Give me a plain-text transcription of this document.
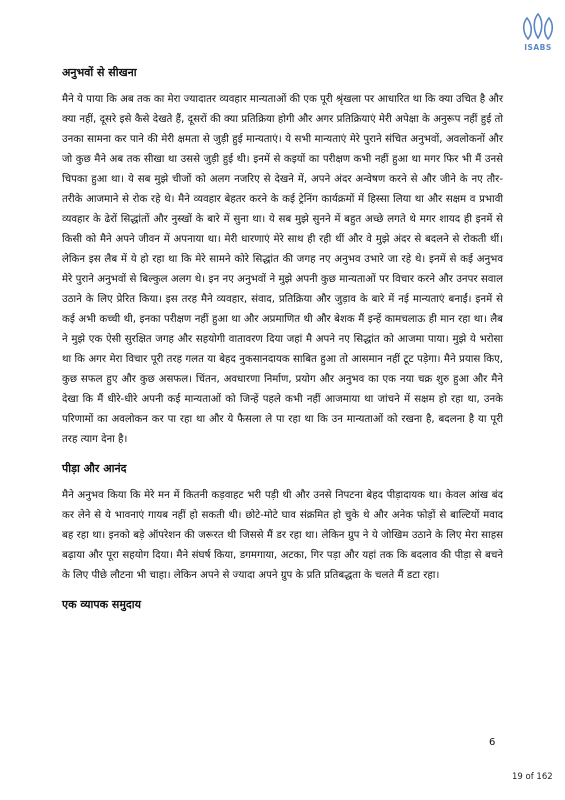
ISABS
अनुभवों से सीखना

मैने ये पाया कि अब तक का मेरा ज्यादातर व्यवहार मान्यताओं की एक पूरी श्रृंखला पर आधारित था कि क्या उचित है और क्या नहीं, दूसरे इसे कैसे देखते हैं, दूसरों की क्या प्रतिक्रिया होगी और अगर प्रतिक्रियाएं मेरी अपेक्षा के अनुरूप नहीं हुई तो उनका सामना कर पाने की मेरी क्षमता से जुड़ी हुई मान्यताएं। ये सभी मान्यताएं मेरे पुराने संचित अनुभवों, अवलोकनों और जो कुछ मैने अब तक सीखा था उससे जुड़ी हुई थी। इनमें से कइयों का परीक्षण कभी नहीं हुआ था मगर फिर भी मैं उनसे चिपका हुआ था। ये सब मुझे चीजों को अलग नजरिए से देखने में, अपने अंदर अन्वेषण करने से और जीने के नए तौर-तरीके आजमाने से रोक रहे थे। मैने व्यवहार बेहतर करने के कई ट्रेनिंग कार्यक्रमों में हिस्सा लिया था और सक्षम व प्रभावी व्यवहार के ढेरों सिद्धांतों और नुस्खों के बारे में सुना था। ये सब मुझे सुनने में बहुत अच्छे लगते थे मगर शायद ही इनमें से किसी को मैने अपने जीवन में अपनाया था। मेरी धारणाएं मेरे साथ ही रही थीं और वे मुझे अंदर से बदलने से रोकती थीं। लेकिन इस लैब में ये हो रहा था कि मेरे सामने कोरे सिद्धांत की जगह नए अनुभव उभारे जा रहे थे। इनमें से कई अनुभव मेरे पुराने अनुभवों से बिल्कुल अलग थे। इन नए अनुभवों ने मुझे अपनी कुछ मान्यताओं पर विचार करने और उनपर सवाल उठाने के लिए प्रेरित किया। इस तरह मैने व्यवहार, संवाद, प्रतिक्रिया और जुड़ाव के बारे में नई मान्यताएं बनाईं। इनमें से कई अभी कच्ची थी, इनका परीक्षण नहीं हुआ था और अप्रमाणित थी और बेशक मैं इन्हें कामचलाऊ ही मान रहा था। लैब ने मुझे एक ऐसी सुरक्षित जगह और सहयोगी वातावरण दिया जहां मै अपने नए सिद्धांत को आजमा पाया। मुझे ये भरोसा था कि अगर मेरा विचार पूरी तरह गलत या बेहद नुकसानदायक साबित हुआ तो आसमान नहीं टूट पड़ेगा। मैने प्रयास किए, कुछ सफल हुए और कुछ असफल। चिंतन, अवधारणा निर्माण, प्रयोग और अनुभव का एक नया चक्र शुरु हुआ और मैने देखा कि मैं धीरे-धीरे अपनी कई मान्यताओं को जिन्हें पहले कभी नहीं आजमाया था जांचने में सक्षम हो रहा था, उनके परिणामों का अवलोकन कर पा रहा था और ये फैसला ले पा रहा था कि उन मान्यताओं को रखना है, बदलना है या पूरी तरह त्याग देना है।

पीड़ा और आनंद

मैने अनुभव किया कि मेरे मन में कितनी कड़वाहट भरी पड़ी थी और उनसे निपटना बेहद पीड़ादायक था। केवल आंख बंद कर लेने से ये भावनाएं गायब नहीं हो सकती थी। छोटे-मोटे घाव संक्रमित हो चुके थे और अनेक फोड़ों से बाल्टियों मवाद बह रहा था। इनको बड़े ऑपरेशन की जरूरत थी जिससे मैं डर रहा था। लेकिन ग्रुप ने ये जोखिम उठाने के लिए मेरा साहस बढ़ाया और पूरा सहयोग दिया। मैने संघर्ष किया, डगमगाया, अटका, गिर पड़ा और यहां तक कि बदलाव की पीड़ा से बचने के लिए पीछे लौटना भी चाहा। लेकिन अपने से ज्यादा अपने ग्रुप के प्रति प्रतिबद्धता के चलते मैं डटा रहा।

एक व्यापक समुदाय
6
19 of 162
